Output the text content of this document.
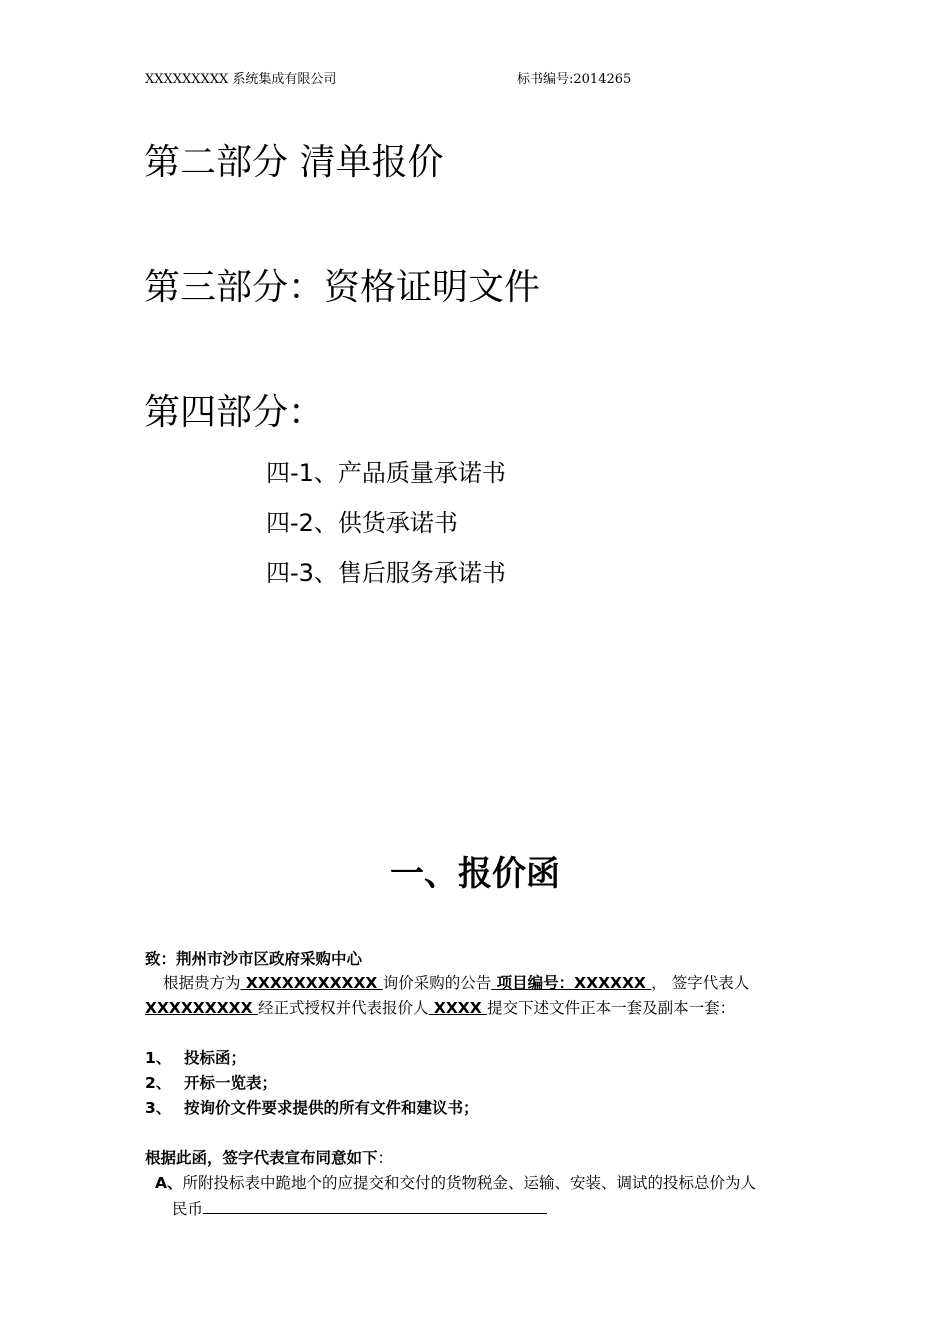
XXXXXXXXX 系统集成有限公司	标书编号:2014265
第二部分 清单报价
第三部分：资格证明文件
第四部分：
四-1、产品质量承诺书
四-2、供货承诺书
四-3、售后服务承诺书
一、报价函
致：荆州市沙市区政府采购中心
根据贵方为 XXXXXXXXXXX 询价采购的公告 项目编号：XXXXXX ， 签字代表人
XXXXXXXXX 经正式授权并代表报价人 XXXX 提交下述文件正本一套及副本一套：
1、 投标函；
2、 开标一览表；
3、 按询价文件要求提供的所有文件和建议书；
根据此函，签字代表宣布同意如下：
A、所附投标表中跪地个的应提交和交付的货物税金、运输、安装、调试的投标总价为人
民币
